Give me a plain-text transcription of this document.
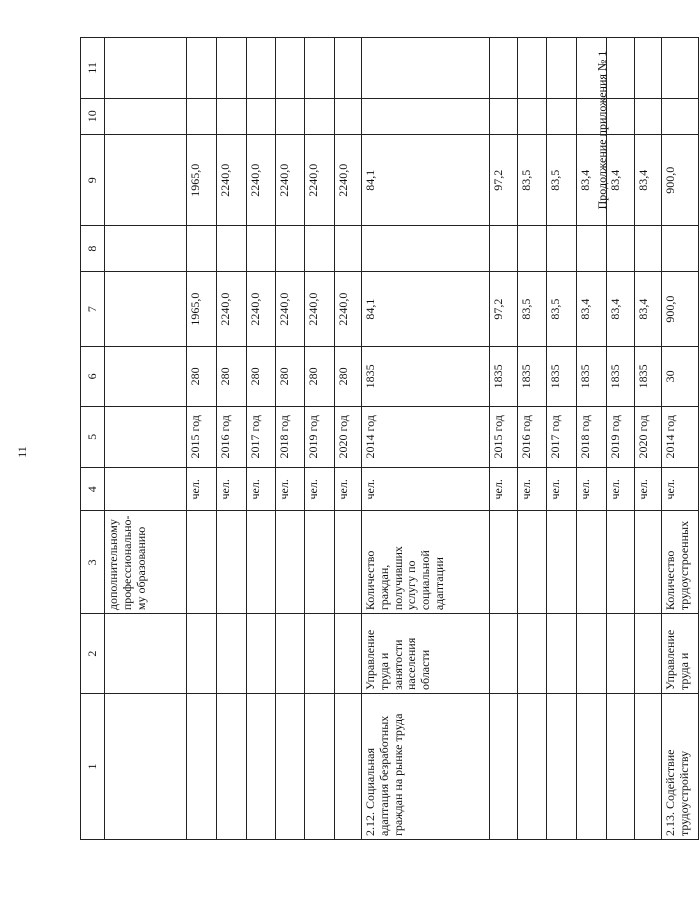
11
Продолжение приложения № 1
1	2	3	4	5	6	7	8	9	10	11
		дополнительному профессионально-му образованию								
			чел.	2015 год	280	1965,0		1965,0		
			чел.	2016 год	280	2240,0		2240,0		
			чел.	2017 год	280	2240,0		2240,0		
			чел.	2018 год	280	2240,0		2240,0		
			чел.	2019 год	280	2240,0		2240,0		
			чел.	2020 год	280	2240,0		2240,0		
2.12. Социальная адаптация безработных граждан на рынке труда	Управление труда и занятости населения области	Количество граждан, получивших услугу по социальной адаптации	чел.	2014 год	1835	84,1		84,1		
			чел.	2015 год	1835	97,2		97,2		
			чел.	2016 год	1835	83,5		83,5		
			чел.	2017 год	1835	83,5		83,5		
			чел.	2018 год	1835	83,4		83,4		
			чел.	2019 год	1835	83,4		83,4		
			чел.	2020 год	1835	83,4		83,4		
2.13. Содействие трудоустройству	Управление труда и	Количество трудоустроенных	чел.	2014 год	30	900,0		900,0		
